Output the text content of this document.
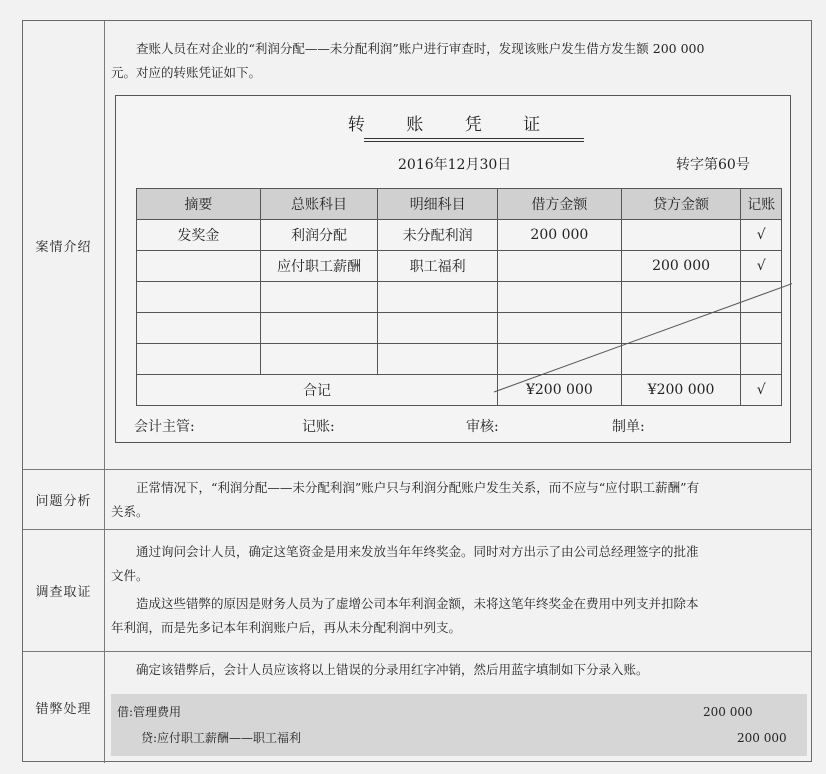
案情介绍

查账人员在对企业的“利润分配——未分配利润”账户进行审查时，发现该账户发生借方发生额 200 000

元。对应的转账凭证如下。

转 账 凭 证
2016年12月30日	转字第60号
摘要	总账科目	明细科目	借方金额	贷方金额	记账
发奖金	利润分配	未分配利润	200 000		√
	应付职工薪酬	职工福利		200 000	√

合记			¥200 000	¥200 000	√
会计主管:	记账:	审核:	制单:
问题分析

正常情况下，“利润分配——未分配利润”账户只与利润分配账户发生关系，而不应与“应付职工薪酬”有

关系。

调查取证

通过询问会计人员，确定这笔资金是用来发放当年年终奖金。同时对方出示了由公司总经理签字的批准

文件。

造成这些错弊的原因是财务人员为了虚增公司本年利润金额，未将这笔年终奖金在费用中列支并扣除本

年利润，而是先多记本年利润账户后，再从未分配利润中列支。

错弊处理

确定该错弊后，会计人员应该将以上错误的分录用红字冲销，然后用蓝字填制如下分录入账。

借:管理费用	200 000
贷:应付职工薪酬——职工福利	200 000
